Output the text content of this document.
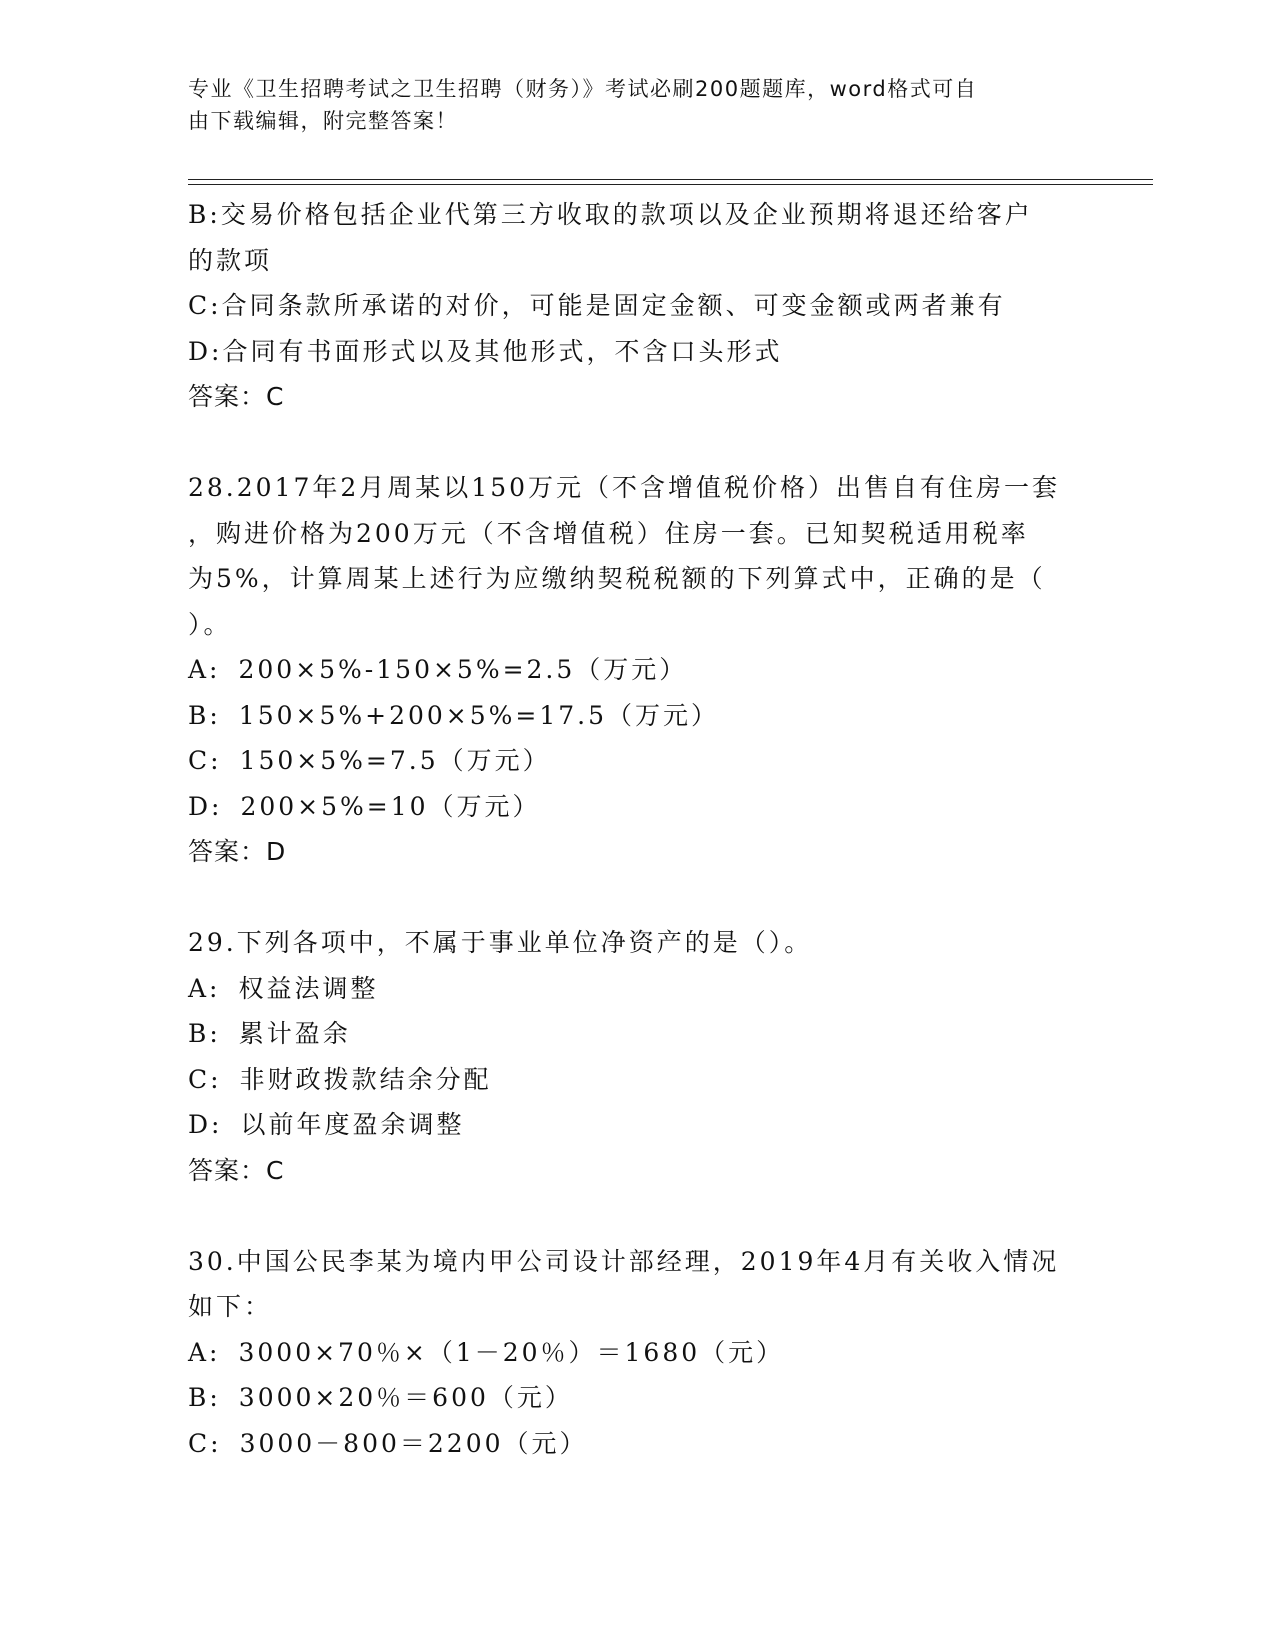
专业《卫生招聘考试之卫生招聘（财务）》考试必刷200题题库，word格式可自
由下载编辑，附完整答案！
B:交易价格包括企业代第三方收取的款项以及企业预期将退还给客户
的款项
C:合同条款所承诺的对价，可能是固定金额、可变金额或两者兼有
D:合同有书面形式以及其他形式，不含口头形式
答案：C
28.2017年2月周某以150万元（不含增值税价格）出售自有住房一套
，购进价格为200万元（不含增值税）住房一套。已知契税适用税率
为5%，计算周某上述行为应缴纳契税税额的下列算式中，正确的是（
）。
A: 200×5%-150×5%=2.5（万元）
B: 150×5%+200×5%=17.5（万元）
C: 150×5%=7.5（万元）
D: 200×5%=10（万元）
答案：D
29.下列各项中，不属于事业单位净资产的是（）。
A: 权益法调整
B: 累计盈余
C: 非财政拨款结余分配
D: 以前年度盈余调整
答案：C
30.中国公民李某为境内甲公司设计部经理，2019年4月有关收入情况
如下：
A: 3000×70％×（1－20％）＝1680（元）
B: 3000×20％＝600（元）
C: 3000－800＝2200（元）
